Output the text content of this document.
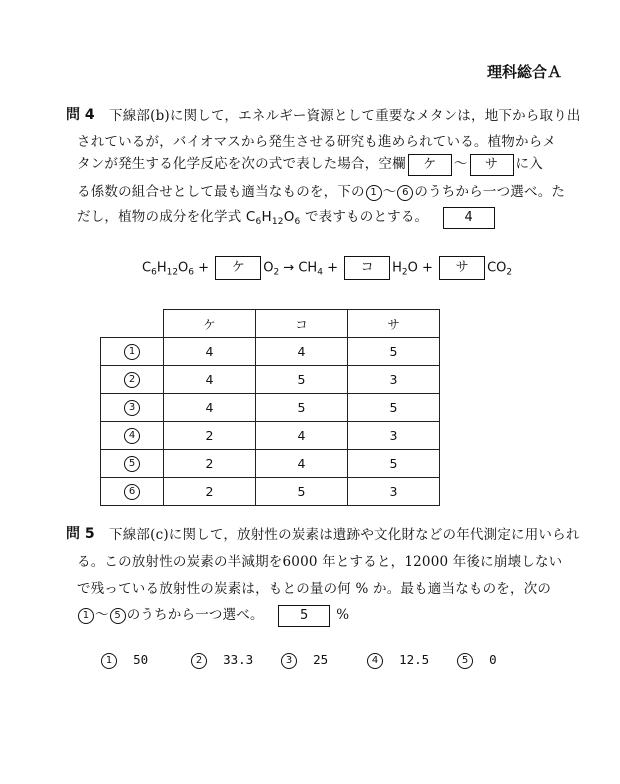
理科総合Ａ
問 4 下線部(b)に関して，エネルギー資源として重要なメタンは，地下から取り出
されているが，バイオマスから発生させる研究も進められている。植物からメ
タンが発生する化学反応を次の式で表した場合，空欄 ケ 〜 サ に入
る係数の組合せとして最も適当なものを，下の 1 〜 6 のうちから一つ選べ。た
だし，植物の成分を化学式 $C_6H_{12}O_6$ で表すものとする。	4
$C_6H_{12}O_6$ + ケ $O_2 \to CH_4$ + コ $H_2O$ + サ $CO_2$
	ケ	コ	サ
1	4	4	5
2	4	5	3
3	4	5	5
4	2	4	3
5	2	4	5
6	2	5	3
問 5 下線部(c)に関して，放射性の炭素は遺跡や文化財などの年代測定に用いられ
る。この放射性の炭素の半減期を6000 年とすると，12000 年後に崩壊しない
で残っている放射性の炭素は，もとの量の何 % か。最も適当なものを，次の
1 〜 5 のうちから一つ選べ。	5 %
1 50	2 33.3	3 25	4 12.5	5 0
